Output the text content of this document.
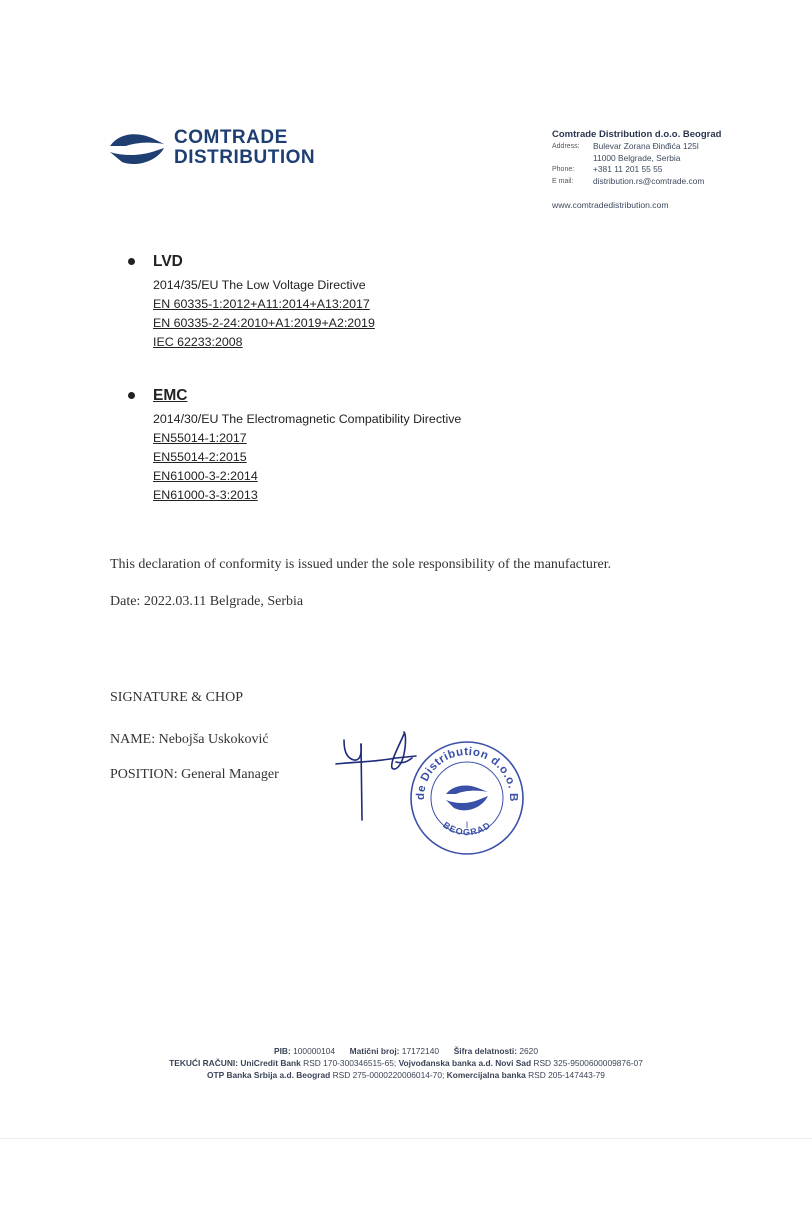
COMTRADE
DISTRIBUTION
Comtrade Distribution d.o.o. Beograd
Address:	Bulevar Zorana Đinđića 125l
11000 Belgrade, Serbia
Phone:	+381 11 201 55 55
E mail:	distribution.rs@comtrade.com
www.comtradedistribution.com
LVD
2014/35/EU The Low Voltage Directive
EN 60335-1:2012+A11:2014+A13:2017
EN 60335-2-24:2010+A1:2019+A2:2019
IEC 62233:2008
EMC
2014/30/EU The Electromagnetic Compatibility Directive
EN55014-1:2017
EN55014-2:2015
EN61000-3-2:2014
EN61000-3-3:2013
This declaration of conformity is issued under the sole responsibility of the manufacturer.
Date: 2022.03.11 Belgrade, Serbia
SIGNATURE & CHOP
NAME: Nebojša Uskoković
POSITION: General Manager
de Distribution d.o.o. B
BEOGRAD
I
PIB: 100000104 Matični broj: 17172140 Šifra delatnosti: 2620
TEKUĆI RAČUNI: UniCredit Bank RSD 170-300346515-65; Vojvođanska banka a.d. Novi Sad RSD 325-9500600009876-07
OTP Banka Srbija a.d. Beograd RSD 275-0000220006014-70; Komercijalna banka RSD 205-147443-79
